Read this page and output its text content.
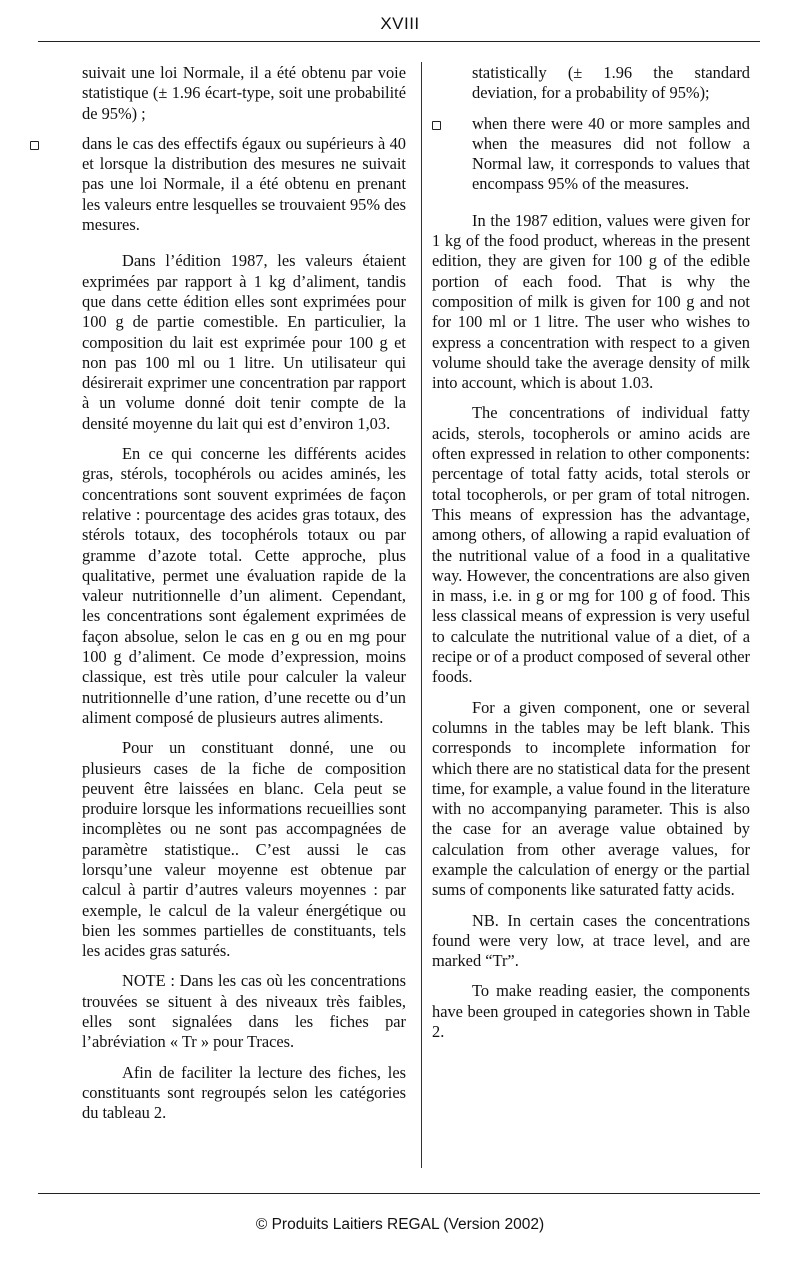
XVIII

suivait une loi Normale, il a été obtenu par voie statistique (± 1.96 écart-type, soit une probabilité de 95%) ;

dans le cas des effectifs égaux ou supérieurs à 40 et lorsque la distribution des mesures ne suivait pas une loi Normale, il a été obtenu en prenant les valeurs entre lesquelles se trouvaient 95% des mesures.

Dans l’édition 1987, les valeurs étaient exprimées par rapport à 1 kg d’aliment, tandis que dans cette édition elles sont exprimées pour 100 g de partie comestible. En particulier, la composition du lait est exprimée pour 100 g et non pas 100 ml ou 1 litre. Un utilisateur qui désirerait exprimer une concentration par rapport à un volume donné doit tenir compte de la densité moyenne du lait qui est d’environ 1,03.

En ce qui concerne les différents acides gras, stérols, tocophérols ou acides aminés, les concentrations sont souvent exprimées de façon relative : pourcentage des acides gras totaux, des stérols totaux, des tocophérols totaux ou par gramme d’azote total. Cette approche, plus qualitative, permet une évaluation rapide de la valeur nutritionnelle d’un aliment. Cependant, les concentrations sont également exprimées de façon absolue, selon le cas en g ou en mg pour 100 g d’aliment. Ce mode d’expression, moins classique, est très utile pour calculer la valeur nutritionnelle d’une ration, d’une recette ou d’un aliment composé de plusieurs autres aliments.

Pour un constituant donné, une ou plusieurs cases de la fiche de composition peuvent être laissées en blanc. Cela peut se produire lorsque les informations recueillies sont incomplètes ou ne sont pas accompagnées de paramètre statistique.. C’est aussi le cas lorsqu’une valeur moyenne est obtenue par calcul à partir d’autres valeurs moyennes : par exemple, le calcul de la valeur énergétique ou bien les sommes partielles de constituants, tels les acides gras saturés.

NOTE : Dans les cas où les concentrations trouvées se situent à des niveaux très faibles, elles sont signalées dans les fiches par l’abréviation « Tr » pour Traces.

Afin de faciliter la lecture des fiches, les constituants sont regroupés selon les catégories du tableau 2.

statistically (± 1.96 the standard deviation, for a probability of 95%);

when there were 40 or more samples and when the measures did not follow a Normal law, it corresponds to values that encompass 95% of the measures.

In the 1987 edition, values were given for 1 kg of the food product, whereas in the present edition, they are given for 100 g of the edible portion of each food. That is why the composition of milk is given for 100 g and not for 100 ml or 1 litre. The user who wishes to express a concentration with respect to a given volume should take the average density of milk into account, which is about 1.03.

The concentrations of individual fatty acids, sterols, tocopherols or amino acids are often expressed in relation to other components: percentage of total fatty acids, total sterols or total tocopherols, or per gram of total nitrogen. This means of expression has the advantage, among others, of allowing a rapid evaluation of the nutritional value of a food in a qualitative way. However, the concentrations are also given in mass, i.e. in g or mg for 100 g of food. This less classical means of expression is very useful to calculate the nutritional value of a diet, of a recipe or of a product composed of several other foods.

For a given component, one or several columns in the tables may be left blank. This corresponds to incomplete information for which there are no statistical data for the present time, for example, a value found in the literature with no accompanying parameter. This is also the case for an average value obtained by calculation from other average values, for example the calculation of energy or the partial sums of components like saturated fatty acids.

NB. In certain cases the concentrations found were very low, at trace level, and are marked “Tr”.

To make reading easier, the components have been grouped in categories shown in Table 2.

© Produits Laitiers REGAL (Version 2002)
